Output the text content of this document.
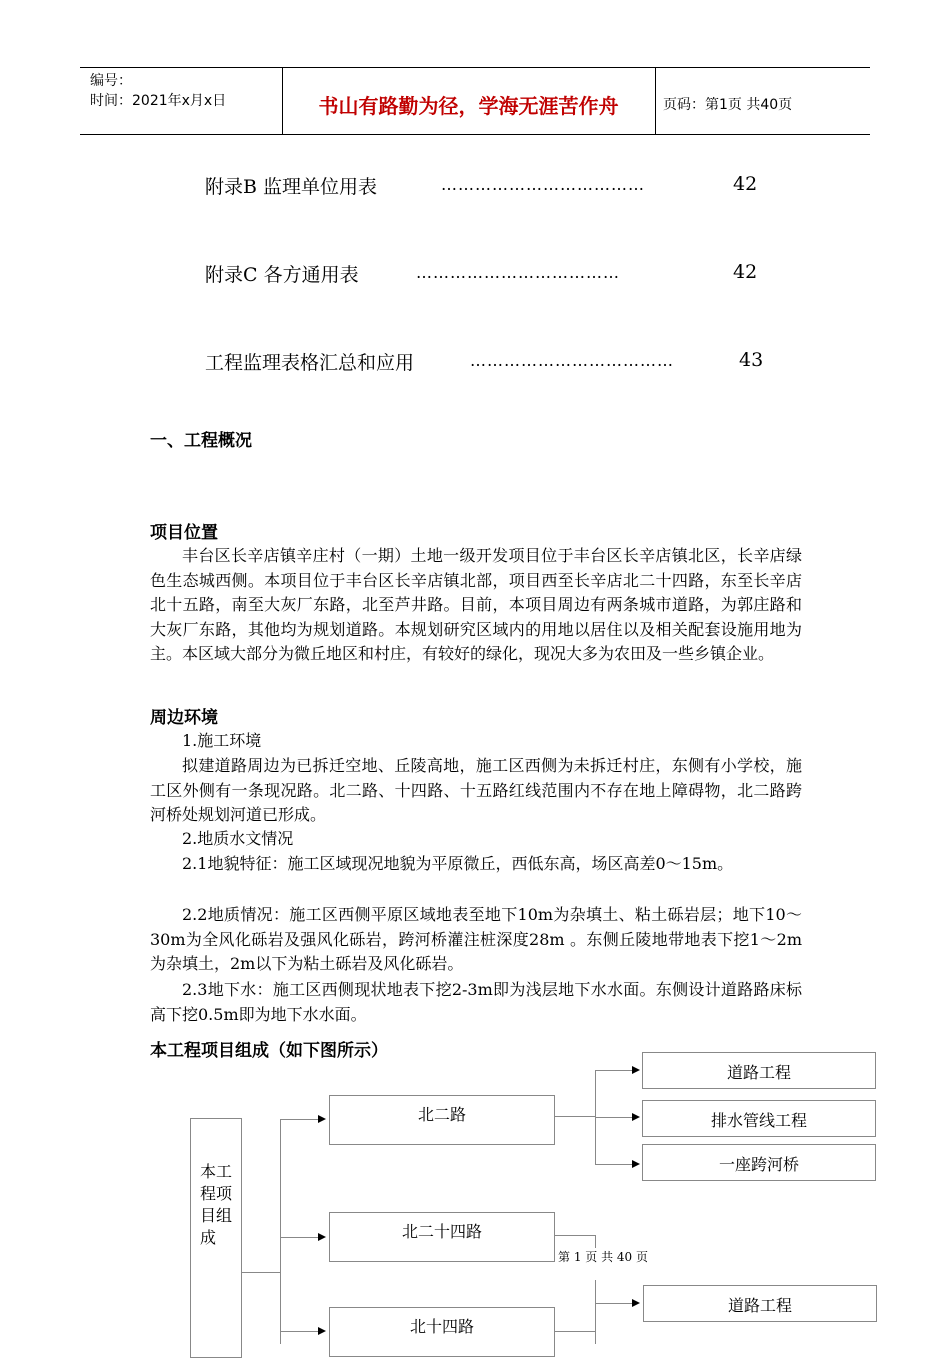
编号：
时间：2021年x月x日	书山有路勤为径，学海无涯苦作舟	页码：第1页 共40页
附录B 监理单位用表	………………………………	42
附录C 各方通用表	………………………………	42
工程监理表格汇总和应用	………………………………	43
一、工程概况
项目位置
丰台区长辛店镇辛庄村（一期）土地一级开发项目位于丰台区长辛店镇北区，长辛店绿色生态城西侧。本项目位于丰台区长辛店镇北部，项目西至长辛店北二十四路，东至长辛店北十五路，南至大灰厂东路，北至芦井路。目前，本项目周边有两条城市道路，为郭庄路和大灰厂东路，其他均为规划道路。本规划研究区域内的用地以居住以及相关配套设施用地为主。本区域大部分为微丘地区和村庄，有较好的绿化，现况大多为农田及一些乡镇企业。
周边环境
1.施工环境
拟建道路周边为已拆迁空地、丘陵高地，施工区西侧为未拆迁村庄，东侧有小学校，施工区外侧有一条现况路。北二路、十四路、十五路红线范围内不存在地上障碍物，北二路跨河桥处规划河道已形成。
2.地质水文情况
2.1地貌特征：施工区域现况地貌为平原微丘，西低东高，场区高差0～15m。
2.2地质情况：施工区西侧平原区域地表至地下10m为杂填土、粘土砾岩层；地下10～30m为全风化砾岩及强风化砾岩，跨河桥灌注桩深度28m 。东侧丘陵地带地表下挖1～2m为杂填土，2m以下为粘土砾岩及风化砾岩。
2.3地下水：施工区西侧现状地表下挖2-3m即为浅层地下水水面。东侧设计道路路床标高下挖0.5m即为地下水水面。
本工程项目组成（如下图所示）
本工程项目组成
北二路
北二十四路
北十四路
道路工程
排水管线工程
一座跨河桥
道路工程
第 1 页 共 40 页
